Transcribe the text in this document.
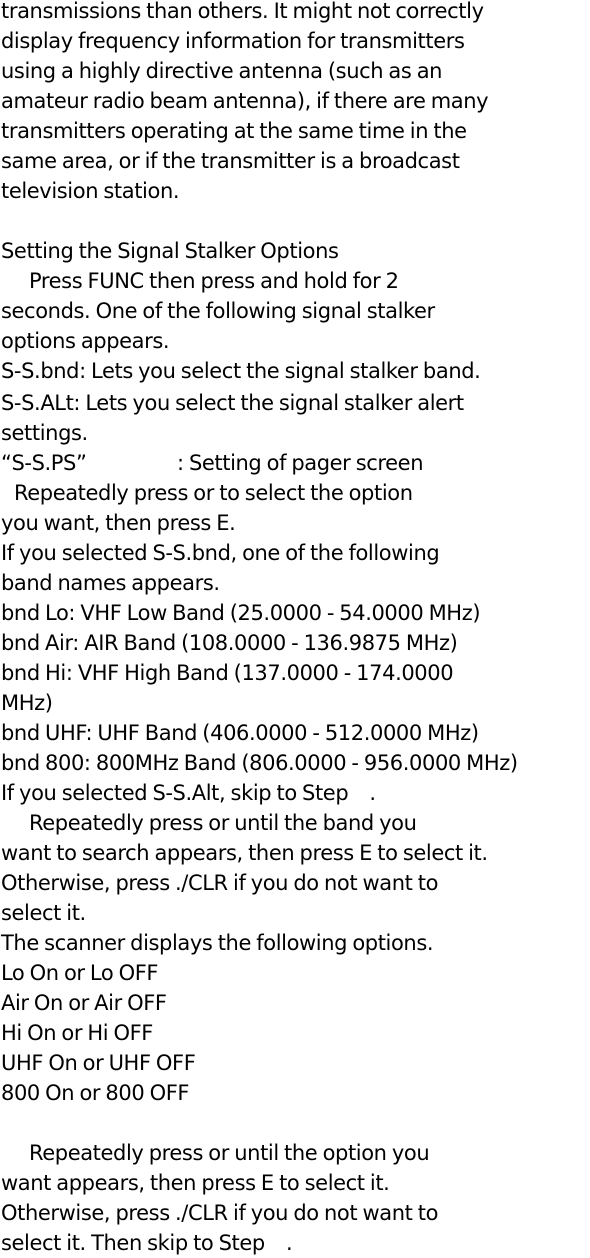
transmissions than others. It might not correctly
display frequency information for transmitters
using a highly directive antenna (such as an
amateur radio beam antenna), if there are many
transmitters operating at the same time in the
same area, or if the transmitter is a broadcast
television station.
Setting the Signal Stalker Options
Press FUNC then press and hold for 2
seconds. One of the following signal stalker
options appears.
S-S.bnd: Lets you select the signal stalker band.
S-S.ALt: Lets you select the signal stalker alert
settings.
“S-S.PS”	: Setting of pager screen
Repeatedly press or to select the option
you want, then press E.
If you selected S-S.bnd, one of the following
band names appears.
bnd Lo: VHF Low Band (25.0000 - 54.0000 MHz)
bnd Air: AIR Band (108.0000 - 136.9875 MHz)
bnd Hi: VHF High Band (137.0000 - 174.0000
MHz)
bnd UHF: UHF Band (406.0000 - 512.0000 MHz)
bnd 800: 800MHz Band (806.0000 - 956.0000 MHz)
If you selected S-S.Alt, skip to Step    .
Repeatedly press or until the band you
want to search appears, then press E to select it.
Otherwise, press ./CLR if you do not want to
select it.
The scanner displays the following options.
Lo On or Lo OFF
Air On or Air OFF
Hi On or Hi OFF
UHF On or UHF OFF
800 On or 800 OFF
Repeatedly press or until the option you
want appears, then press E to select it.
Otherwise, press ./CLR if you do not want to
select it. Then skip to Step    .
